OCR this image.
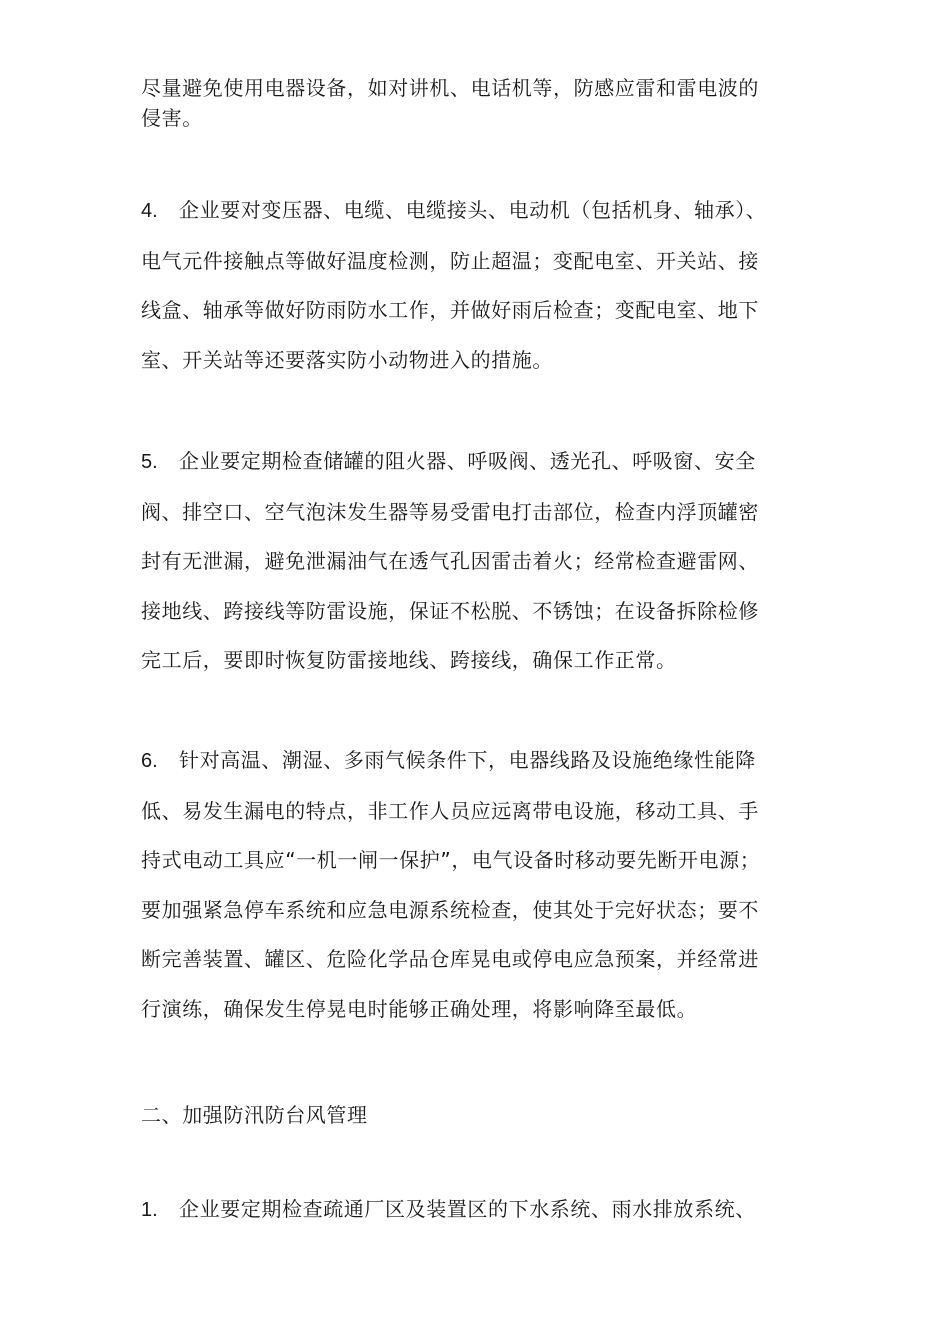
尽量避免使用电器设备，如对讲机、电话机等，防感应雷和雷电波的

侵害。

4. 企业要对变压器、电缆、电缆接头、电动机（包括机身、轴承）、

电气元件接触点等做好温度检测，防止超温；变配电室、开关站、接

线盒、轴承等做好防雨防水工作，并做好雨后检查；变配电室、地下

室、开关站等还要落实防小动物进入的措施。

5. 企业要定期检查储罐的阻火器、呼吸阀、透光孔、呼吸窗、安全

阀、排空口、空气泡沫发生器等易受雷电打击部位，检查内浮顶罐密

封有无泄漏，避免泄漏油气在透气孔因雷击着火；经常检查避雷网、

接地线、跨接线等防雷设施，保证不松脱、不锈蚀；在设备拆除检修

完工后，要即时恢复防雷接地线、跨接线，确保工作正常。

6. 针对高温、潮湿、多雨气候条件下，电器线路及设施绝缘性能降

低、易发生漏电的特点，非工作人员应远离带电设施，移动工具、手

持式电动工具应“一机一闸一保护”，电气设备时移动要先断开电源；

要加强紧急停车系统和应急电源系统检查，使其处于完好状态；要不

断完善装置、罐区、危险化学品仓库晃电或停电应急预案，并经常进

行演练，确保发生停晃电时能够正确处理，将影响降至最低。

二、加强防汛防台风管理

1. 企业要定期检查疏通厂区及装置区的下水系统、雨水排放系统、
